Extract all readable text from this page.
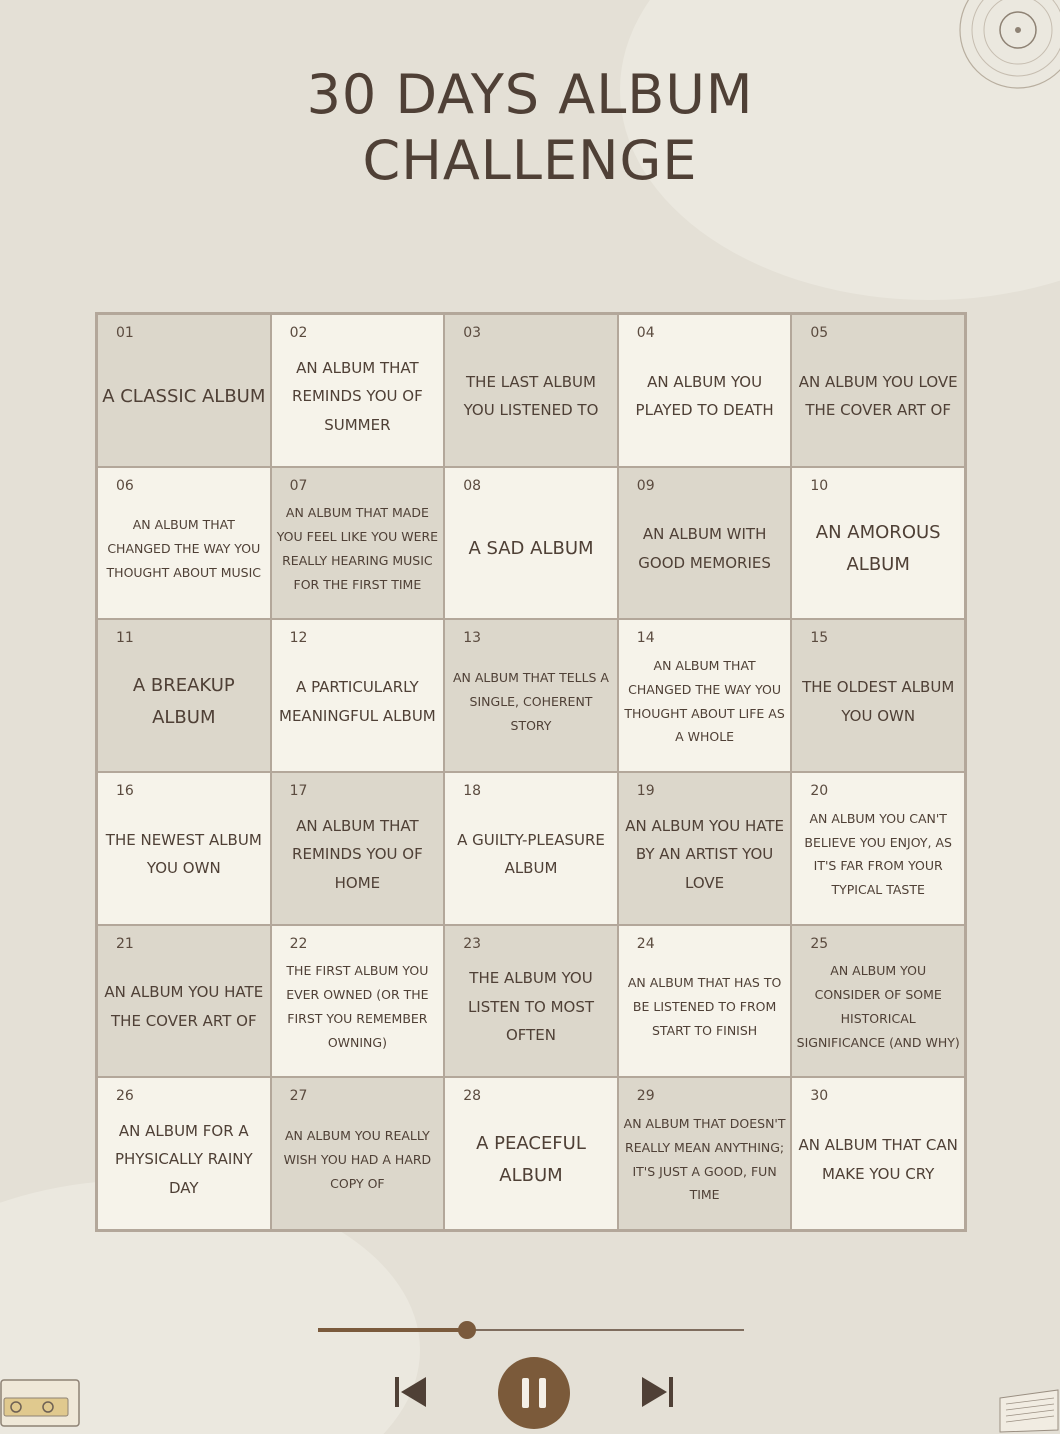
30 DAYS ALBUM
CHALLENGE
01
A CLASSIC ALBUM
02
AN ALBUM THAT REMINDS YOU OF SUMMER
03
THE LAST ALBUM YOU LISTENED TO
04
AN ALBUM YOU PLAYED TO DEATH
05
AN ALBUM YOU LOVE THE COVER ART OF
06
AN ALBUM THAT CHANGED THE WAY YOU THOUGHT ABOUT MUSIC
07
AN ALBUM THAT MADE YOU FEEL LIKE YOU WERE REALLY HEARING MUSIC FOR THE FIRST TIME
08
A SAD ALBUM
09
AN ALBUM WITH GOOD MEMORIES
10
AN AMOROUS ALBUM
11
A BREAKUP ALBUM
12
A PARTICULARLY MEANINGFUL ALBUM
13
AN ALBUM THAT TELLS A SINGLE, COHERENT STORY
14
AN ALBUM THAT CHANGED THE WAY YOU THOUGHT ABOUT LIFE AS A WHOLE
15
THE OLDEST ALBUM YOU OWN
16
THE NEWEST ALBUM YOU OWN
17
AN ALBUM THAT REMINDS YOU OF HOME
18
A GUILTY-PLEASURE ALBUM
19
AN ALBUM YOU HATE BY AN ARTIST YOU LOVE
20
AN ALBUM YOU CAN'T BELIEVE YOU ENJOY, AS IT'S FAR FROM YOUR TYPICAL TASTE
21
AN ALBUM YOU HATE THE COVER ART OF
22
THE FIRST ALBUM YOU EVER OWNED (OR THE FIRST YOU REMEMBER OWNING)
23
THE ALBUM YOU LISTEN TO MOST OFTEN
24
AN ALBUM THAT HAS TO BE LISTENED TO FROM START TO FINISH
25
AN ALBUM YOU CONSIDER OF SOME HISTORICAL SIGNIFICANCE (AND WHY)
26
AN ALBUM FOR A PHYSICALLY RAINY DAY
27
AN ALBUM YOU REALLY WISH YOU HAD A HARD COPY OF
28
A PEACEFUL ALBUM
29
AN ALBUM THAT DOESN'T REALLY MEAN ANYTHING; IT'S JUST A GOOD, FUN TIME
30
AN ALBUM THAT CAN MAKE YOU CRY
